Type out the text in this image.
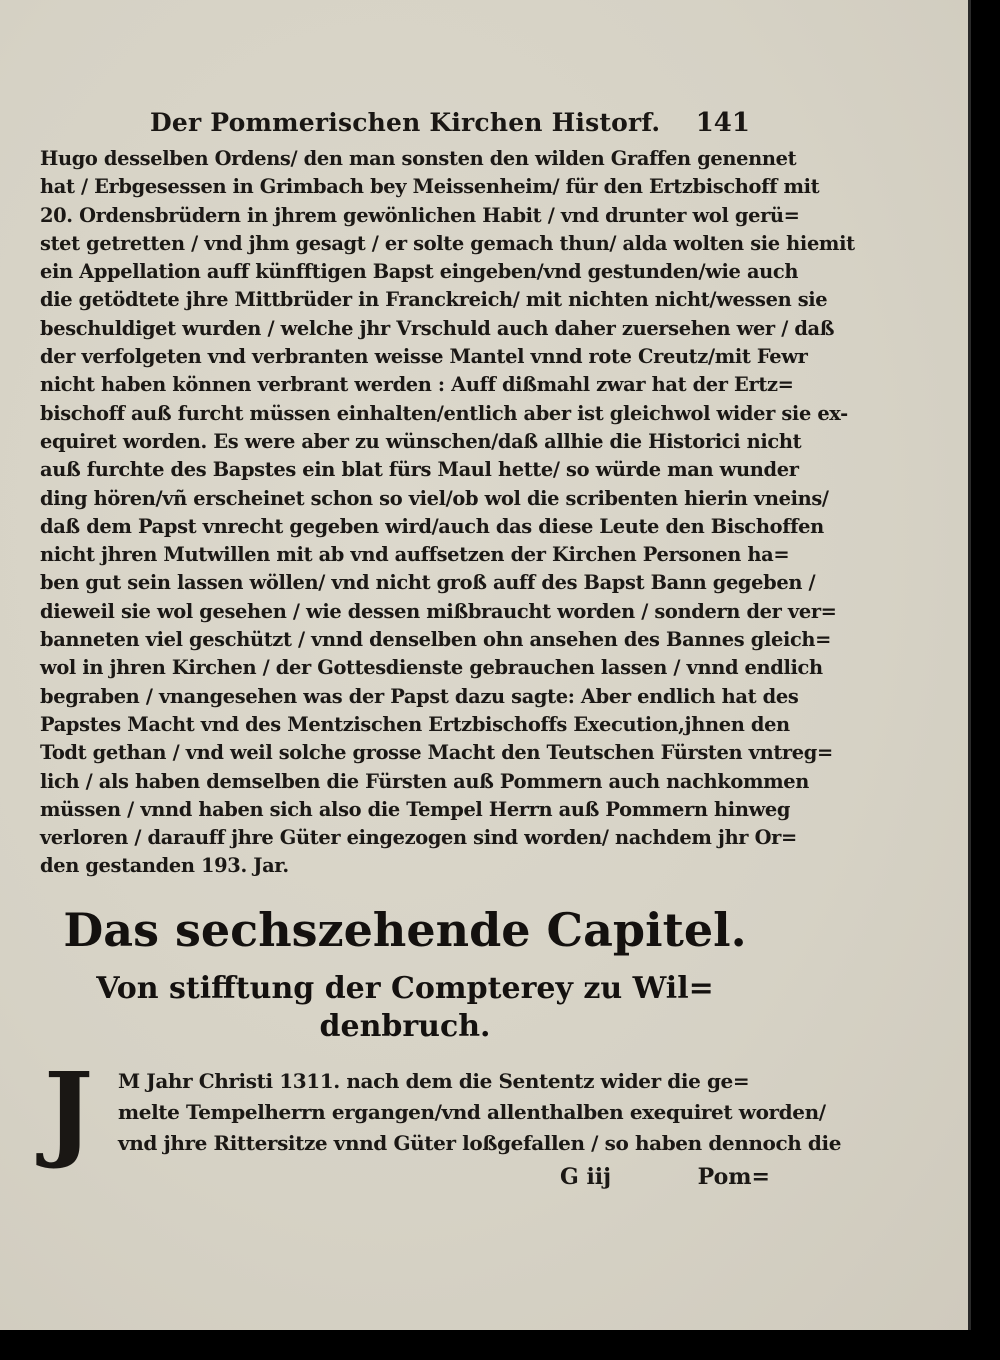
Der Pommerischen Kirchen Historf. 141
Hugo desselben Ordens/ den man sonsten den wilden Graffen genennet
hat / Erbgesessen in Grimbach bey Meissenheim/ für den Ertzbischoff mit
20. Ordensbrüdern in jhrem gewönlichen Habit / vnd drunter wol gerü=
stet getretten / vnd jhm gesagt / er solte gemach thun/ alda wolten sie hiemit
ein Appellation auff künfftigen Bapst eingeben/vnd gestunden/wie auch
die getödtete jhre Mittbrüder in Franckreich/ mit nichten nicht/wessen sie
beschuldiget wurden / welche jhr Vrschuld auch daher zuersehen wer / daß
der verfolgeten vnd verbranten weisse Mantel vnnd rote Creutz/mit Fewr
nicht haben können verbrant werden : Auff dißmahl zwar hat der Ertz=
bischoff auß furcht müssen einhalten/entlich aber ist gleichwol wider sie ex-
equiret worden. Es were aber zu wünschen/daß allhie die Historici nicht
auß furchte des Bapstes ein blat fürs Maul hette/ so würde man wunder
ding hören/vñ erscheinet schon so viel/ob wol die scribenten hierin vneins/
daß dem Papst vnrecht gegeben wird/auch das diese Leute den Bischoffen
nicht jhren Mutwillen mit ab vnd auffsetzen der Kirchen Personen ha=
ben gut sein lassen wöllen/ vnd nicht groß auff des Bapst Bann gegeben /
dieweil sie wol gesehen / wie dessen mißbraucht worden / sondern der ver=
banneten viel geschützt / vnnd denselben ohn ansehen des Bannes gleich=
wol in jhren Kirchen / der Gottesdienste gebrauchen lassen / vnnd endlich
begraben / vnangesehen was der Papst dazu sagte: Aber endlich hat des
Papstes Macht vnd des Mentzischen Ertzbischoffs Execution,jhnen den
Todt gethan / vnd weil solche grosse Macht den Teutschen Fürsten vntreg=
lich / als haben demselben die Fürsten auß Pommern auch nachkommen
müssen / vnnd haben sich also die Tempel Herrn auß Pommern hinweg
verloren / darauff jhre Güter eingezogen sind worden/ nachdem jhr Or=
den gestanden 193. Jar.
Das sechszehende Capitel.
Von stifftung der Compterey zu Wil=
denbruch.
J M Jahr Christi 1311. nach dem die Sententz wider die ge=
melte Tempelherrn ergangen/vnd allenthalben exequiret worden/
vnd jhre Rittersitze vnnd Güter loßgefallen / so haben dennoch die
G iij	Pom=
